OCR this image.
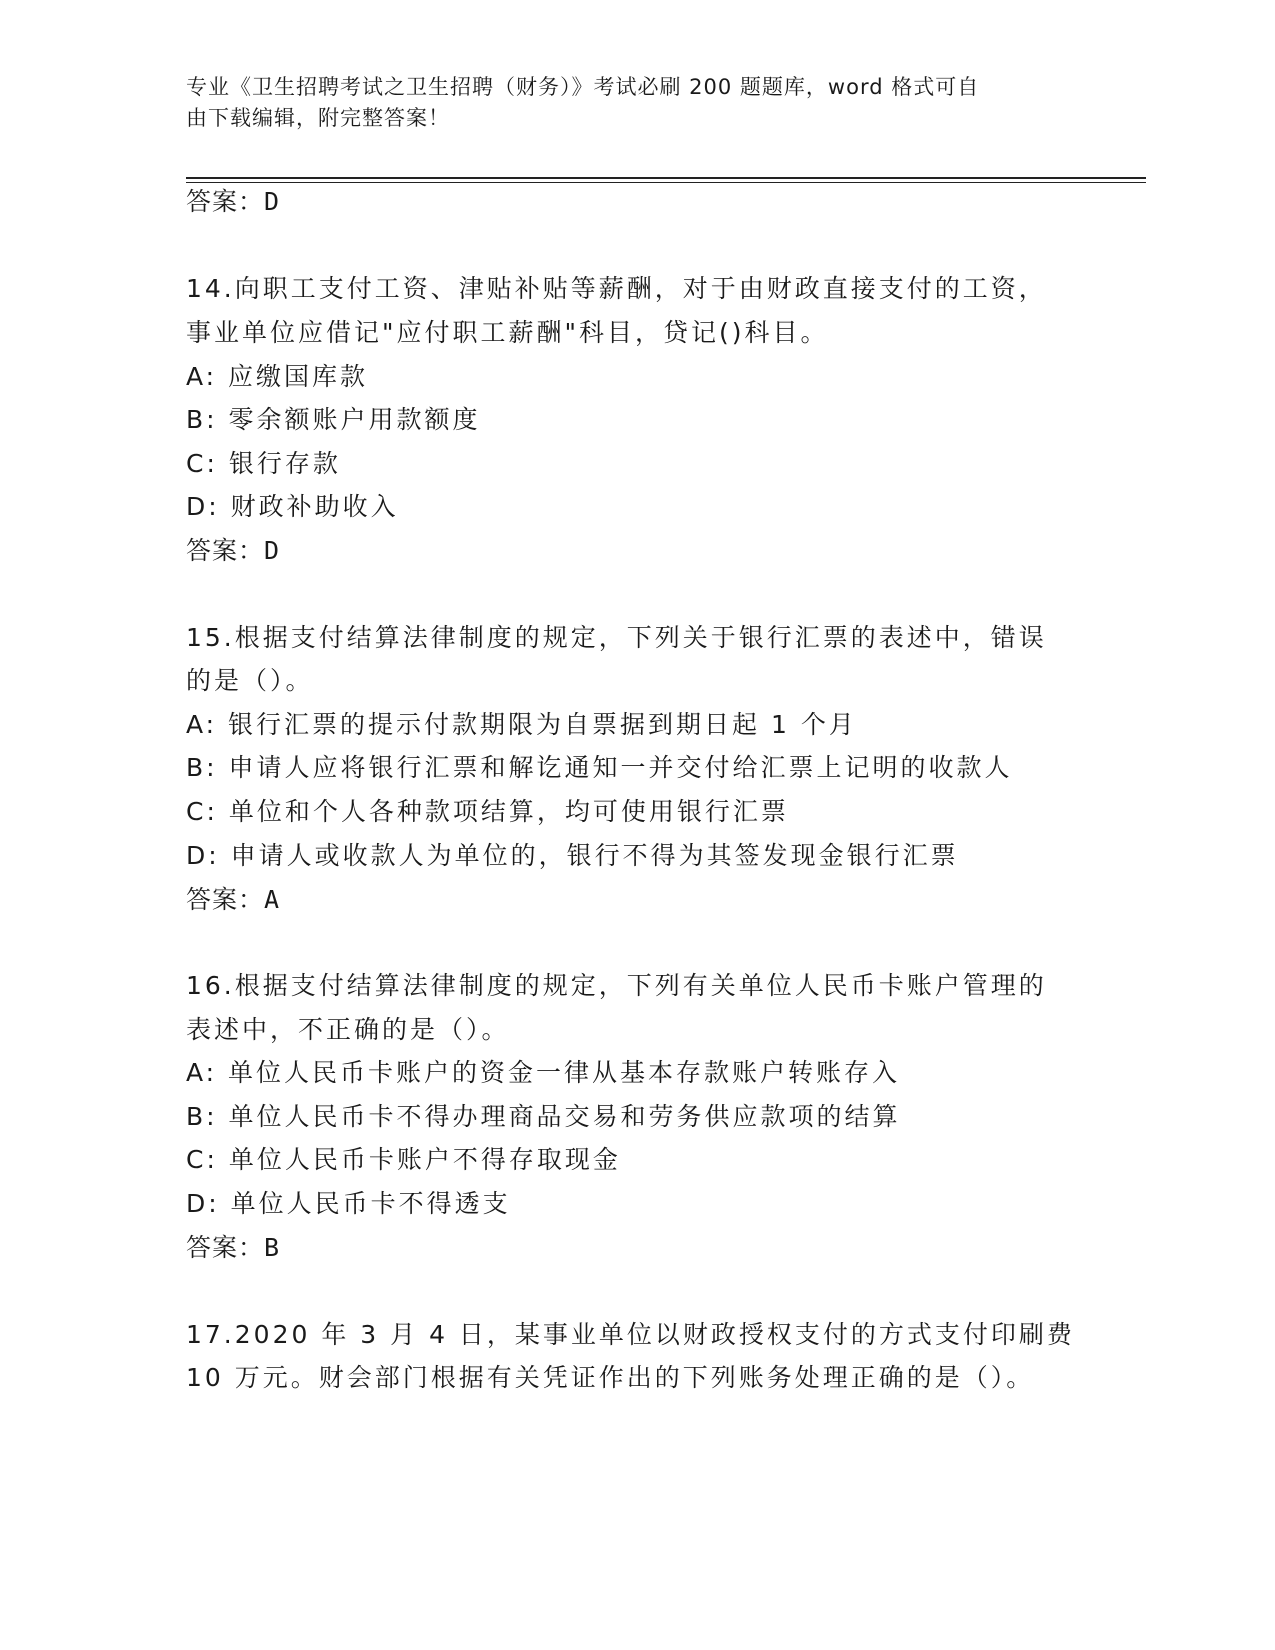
专业《卫生招聘考试之卫生招聘（财务）》考试必刷 200 题题库，word 格式可自
由下载编辑，附完整答案！
答案：D
14.向职工支付工资、津贴补贴等薪酬，对于由财政直接支付的工资，
事业单位应借记"应付职工薪酬"科目，贷记()科目。
A: 应缴国库款
B: 零余额账户用款额度
C: 银行存款
D: 财政补助收入
答案：D
15.根据支付结算法律制度的规定，下列关于银行汇票的表述中，错误
的是（）。
A: 银行汇票的提示付款期限为自票据到期日起 1 个月
B: 申请人应将银行汇票和解讫通知一并交付给汇票上记明的收款人
C: 单位和个人各种款项结算，均可使用银行汇票
D: 申请人或收款人为单位的，银行不得为其签发现金银行汇票
答案：A
16.根据支付结算法律制度的规定，下列有关单位人民币卡账户管理的
表述中，不正确的是（）。
A: 单位人民币卡账户的资金一律从基本存款账户转账存入
B: 单位人民币卡不得办理商品交易和劳务供应款项的结算
C: 单位人民币卡账户不得存取现金
D: 单位人民币卡不得透支
答案：B
17.2020 年 3 月 4 日，某事业单位以财政授权支付的方式支付印刷费
10 万元。财会部门根据有关凭证作出的下列账务处理正确的是（）。
